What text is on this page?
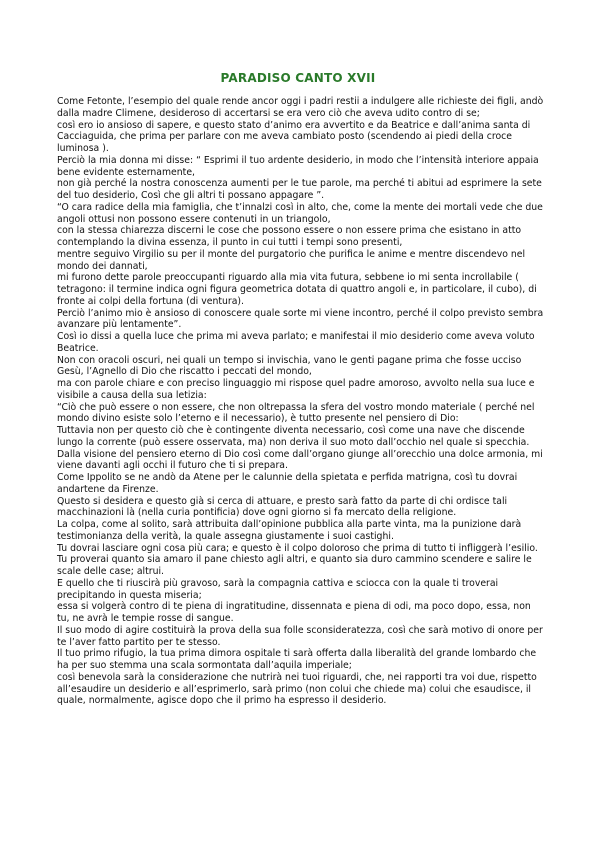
PARADISO CANTO XVII

Come Fetonte, l’esempio del quale rende ancor oggi i padri restii a indulgere alle richieste dei figli, andò dalla madre Climene, desideroso di accertarsi se era vero ciò che aveva udito contro di se;

così ero io ansioso di sapere, e questo stato d’animo era avvertito e da Beatrice e dall’anima santa di Cacciaguida, che prima per parlare con me aveva cambiato posto (scendendo ai piedi della croce luminosa ).

Perciò la mia donna mi disse: “ Esprimi il tuo ardente desiderio, in modo che l’intensità interiore appaia bene evidente esternamente,

non già perché la nostra conoscenza aumenti per le tue parole, ma perché ti abitui ad esprimere la sete del tuo desiderio, Così che gli altri ti possano appagare ”.

“O cara radice della mia famiglia, che t’innalzi così in alto, che, come la mente dei mortali vede che due angoli ottusi non possono essere contenuti in un triangolo,

con la stessa chiarezza discerni le cose che possono essere o non essere prima che esistano in atto contemplando la divina essenza, il punto in cui tutti i tempi sono presenti,

mentre seguivo Virgilio su per il monte del purgatorio che purifica le anime e mentre discendevo nel mondo dei dannati,

mi furono dette parole preoccupanti riguardo alla mia vita futura, sebbene io mi senta incrollabile ( tetragono: il termine indica ogni figura geometrica dotata di quattro angoli e, in particolare, il cubo), di fronte ai colpi della fortuna (di ventura).

Perciò l’animo mio è ansioso di conoscere quale sorte mi viene incontro, perché il colpo previsto sembra avanzare più lentamente”.

Così io dissi a quella luce che prima mi aveva parlato; e manifestai il mio desiderio come aveva voluto Beatrice.

Non con oracoli oscuri, nei quali un tempo si invischia, vano le genti pagane prima che fosse ucciso Gesù, l’Agnello di Dio che riscatto i peccati del mondo,

ma con parole chiare e con preciso linguaggio mi rispose quel padre amoroso, avvolto nella sua luce e visibile a causa della sua letizia:

“Ciò che può essere o non essere, che non oltrepassa la sfera del vostro mondo materiale ( perché nel mondo divino esiste solo l’eterno e il necessario), è tutto presente nel pensiero di Dio:

Tuttavia non per questo ciò che è contingente diventa necessario, così come una nave che discende lungo la corrente (può essere osservata, ma) non deriva il suo moto dall’occhio nel quale si specchia.

Dalla visione del pensiero eterno di Dio così come dall’organo giunge all’orecchio una dolce armonia, mi viene davanti agli occhi il futuro che ti si prepara.

Come Ippolito se ne andò da Atene per le calunnie della spietata e perfida matrigna, così tu dovrai andartene da Firenze.

Questo si desidera e questo già si cerca di attuare, e presto sarà fatto da parte di chi ordisce tali macchinazioni là (nella curia pontificia) dove ogni giorno si fa mercato della religione.

La colpa, come al solito, sarà attribuita dall’opinione pubblica alla parte vinta, ma la punizione darà testimonianza della verità, la quale assegna giustamente i suoi castighi.

Tu dovrai lasciare ogni cosa più cara; e questo è il colpo doloroso che prima di tutto ti infliggerà l’esilio.

Tu proverai quanto sia amaro il pane chiesto agli altri, e quanto sia duro cammino scendere e salire le scale delle case; altrui.

E quello che ti riuscirà più gravoso, sarà la compagnia cattiva e sciocca con la quale ti troverai precipitando in questa miseria;

essa si volgerà contro di te piena di ingratitudine, dissennata e piena di odi, ma poco dopo, essa, non tu, ne avrà le tempie rosse di sangue.

Il suo modo di agire costituirà la prova della sua folle sconsideratezza, così che sarà motivo di onore per te l’aver fatto partito per te stesso.

Il tuo primo rifugio, la tua prima dimora ospitale ti sarà offerta dalla liberalità del grande lombardo che ha per suo stemma una scala sormontata dall’aquila imperiale;

così benevola sarà la considerazione che nutrirà nei tuoi riguardi, che, nei rapporti tra voi due, rispetto all’esaudire un desiderio e all’esprimerlo, sarà primo (non colui che chiede ma) colui che esaudisce, il quale, normalmente, agisce dopo che il primo ha espresso il desiderio.
